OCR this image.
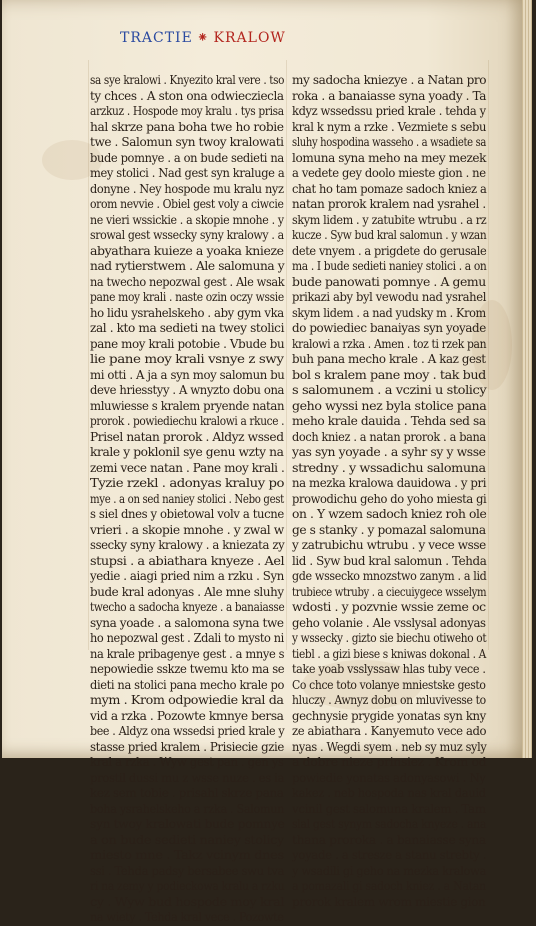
TRACTIE ⁕ KRALOW
sa sye kralowi . Knyezito kral vere . tso
ty chces . A ston ona odwiecziecla
arzkuz . Hospode moy kralu . tys prisa
hal skrze pana boha twe ho robie
twe . Salomun syn twoy kralowati
bude pomnye . a on bude sedieti na
mey stolici . Nad gest syn kraluge a
donyne . Ney hospode mu kralu nyz
orom nevvie . Obiel gest voly a ciwcie
ne vieri wssickie . a skopie mnohe . y
srowal gest wssecky syny kralowy . a
abyathara kuieze a yoaka knieze
nad rytierstwem . Ale salomuna y
na twecho nepozwal gest . Ale wsak
pane moy krali . naste ozin oczy wssie
ho lidu ysrahelskeho . aby gym vka
zal . kto ma sedieti na twey stolici
pane moy krali potobie . Vbude bu
lie pane moy krali vsnye z swy
mi otti . A ja a syn moy salomun bu
deve hriesstyy . A wnyzto dobu ona
mluwiesse s kralem pryende natan
prorok . powiediechu kralowi a rkuce .
Prisel natan prorok . Aldyz wssed
krale y poklonil sye genu wzty na
zemi vece natan . Pane moy krali .
Tyzie rzekl . adonyas kraluy po
mye . a on sed naniey stolici . Nebo gest
s siel dnes y obietowal volv a tucne
vrieri . a skopie mnohe . y zwal w
ssecky syny kralowy . a kniezata zy
stupsi . a abiathara knyeze . Ael
yedie . aiagi pried nim a rzku . Syn
bude kral adonyas . Ale mne sluhy
twecho a sadocha knyeze . a banaiasse
syna yoade . a salomona syna twe
ho nepozwal gest . Zdali to mysto ni
na krale pribagenye gest . a mnye s
nepowiedie sskze twemu kto ma se
dieti na stolici pana mecho krale po
mym . Krom odpowiedie kral da
vid a rzka . Pozowte kmnye bersa
bee . Aldyz ona wssedsi pried krale y
stasse pried kralem . Prisiecie gzie
kral a rzka . Wyw gest pan . gen ys
prostil dussi mu z wsse nuze . es ia
kez sem tobie . prisahl skrze pana
boha ysrahelskeho a rzka . Salomun
syn twoy kralowati bude pomnye
a on bude sedieti naniey stolicy
miesto mne . Takz vcinym dnes
ssi . Tehda padsy bersabee swu tva
ri na zemy y podieckowa kralu a rzku
cy . Wyw bud hospode moy kral
na wiety . Tehda kral vece . Pozowte
my sadocha kniezye . a Natan pro
roka . a banaiasse syna yoady . Ta
kdyz wssedssu pried krale . tehda y
kral k nym a rzke . Vezmiete s sebu
sluhy hospodina wasseho . a wsadiete sa
lomuna syna meho na mey mezek
a vedete gey doolo mieste gion . ne
chat ho tam pomaze sadoch kniez a
natan prorok kralem nad ysrahel .
skym lidem . y zatubite wtrubu . a rz
kucze . Syw bud kral salomun . y wzan
dete vnyem . a prigdete do gerusale
ma . I bude sedieti naniey stolici . a on
bude panowati pomnye . A gemu
prikazi aby byl vewodu nad ysrahel
skym lidem . a nad yudsky m . Krom
do powiediec banaiyas syn yoyade
kralowi a rzka . Amen . toz ti rzek pan
buh pana mecho krale . A kaz gest
bol s kralem pane moy . tak bud
s salomunem . a vczini u stolicy
geho wyssi nez byla stolice pana
meho krale dauida . Tehda sed sa
doch kniez . a natan prorok . a bana
yas syn yoyade . a syhr sy y wsse
stredny . y wssadichu salomuna
na mezka kralowa dauidowa . y pri
prowodichu geho do yoho miesta gi
on . Y wzem sadoch kniez roh ole
ge s stanky . y pomazal salomuna
y zatrubichu wtrubu . y vece wsse
lid . Syw bud kral salomun . Tehda
gde wssecko mnozstwo zanym . a lid
trubiece wtruby . a ciecuiygece wsselym
wdosti . y pozvnie wssie zeme oc
geho volanie . Ale vsslysal adonyas
y wssecky . gizto sie biechu otiweho ot
tiebl . a gizi biese s kniwas dokonal . A
take yoab vsslyssaw hlas tuby vece .
Co chce toto volanye mniestske gesto
hluczy . Awnyz dobu on mluvivesse to
gechnysie prygide yonatas syn kny
ze abiathara . Kanyemuto vece ado
nyas . Wegdi syem . neb sy muz syly
a dobre nieze prinsiez . Krom od
powiedie yonatas adonyasowi . Ny
kakez . neb hospoda nas kral dauid
vcinil gest salomuna kralem . Tam
slal gest synym sadocha knyeze . ana
thana proroka . a banaiasse syna
yoyade . a stresze a stanu strebty .
y wsadili gi geho na mezka kralowa
a pomazali gi sadoch kniez . a Natan
prorok kralem wrom miestie gion
